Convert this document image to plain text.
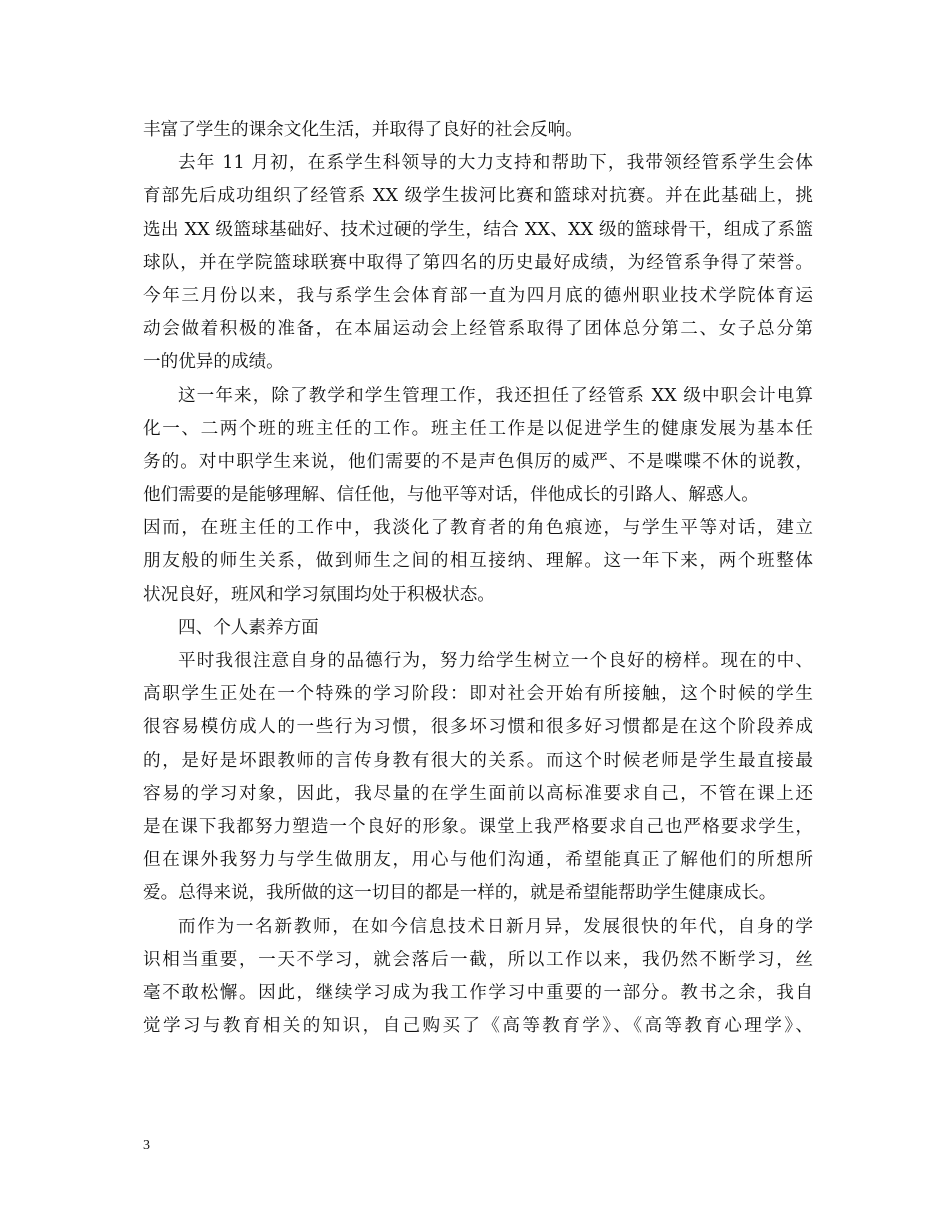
丰富了学生的课余文化生活，并取得了良好的社会反响。
去年 11 月初，在系学生科领导的大力支持和帮助下，我带领经管系学生会体
育部先后成功组织了经管系 XX 级学生拔河比赛和篮球对抗赛。并在此基础上，挑
选出 XX 级篮球基础好、技术过硬的学生，结合 XX、XX 级的篮球骨干，组成了系篮
球队，并在学院篮球联赛中取得了第四名的历史最好成绩，为经管系争得了荣誉。
今年三月份以来，我与系学生会体育部一直为四月底的德州职业技术学院体育运
动会做着积极的准备，在本届运动会上经管系取得了团体总分第二、女子总分第
一的优异的成绩。
这一年来，除了教学和学生管理工作，我还担任了经管系 XX 级中职会计电算
化一、二两个班的班主任的工作。班主任工作是以促进学生的健康发展为基本任
务的。对中职学生来说，他们需要的不是声色俱厉的威严、不是喋喋不休的说教，
他们需要的是能够理解、信任他，与他平等对话，伴他成长的引路人、解惑人。
因而，在班主任的工作中，我淡化了教育者的角色痕迹，与学生平等对话，建立
朋友般的师生关系，做到师生之间的相互接纳、理解。这一年下来，两个班整体
状况良好，班风和学习氛围均处于积极状态。
四、个人素养方面
平时我很注意自身的品德行为，努力给学生树立一个良好的榜样。现在的中、
高职学生正处在一个特殊的学习阶段：即对社会开始有所接触，这个时候的学生
很容易模仿成人的一些行为习惯，很多坏习惯和很多好习惯都是在这个阶段养成
的，是好是坏跟教师的言传身教有很大的关系。而这个时候老师是学生最直接最
容易的学习对象，因此，我尽量的在学生面前以高标准要求自己，不管在课上还
是在课下我都努力塑造一个良好的形象。课堂上我严格要求自己也严格要求学生，
但在课外我努力与学生做朋友，用心与他们沟通，希望能真正了解他们的所想所
爱。总得来说，我所做的这一切目的都是一样的，就是希望能帮助学生健康成长。
而作为一名新教师，在如今信息技术日新月异，发展很快的年代，自身的学
识相当重要，一天不学习，就会落后一截，所以工作以来，我仍然不断学习，丝
毫不敢松懈。因此，继续学习成为我工作学习中重要的一部分。教书之余，我自
觉学习与教育相关的知识，自己购买了《高等教育学》、《高等教育心理学》、
3
